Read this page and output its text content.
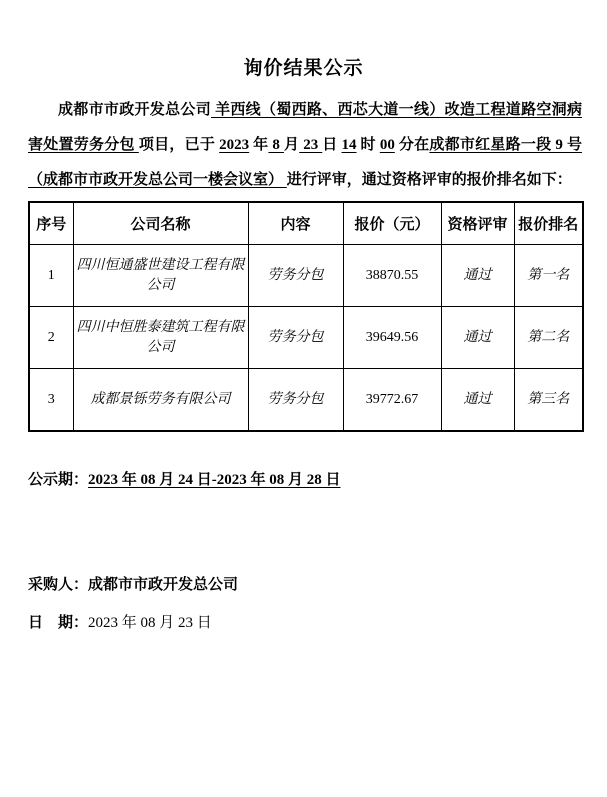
询价结果公示

成都市市政开发总公司 羊西线（蜀西路、西芯大道一线）改造工程道路空洞病害处置劳务分包 项目，已于 2023 年 8 月 23 日 14 时 00 分在成都市红星路一段 9 号（成都市市政开发总公司一楼会议室） 进行评审，通过资格评审的报价排名如下：

序号	公司名称	内容	报价（元）	资格评审	报价排名
1	四川恒通盛世建设工程有限公司	劳务分包	38870.55	通过	第一名
2	四川中恒胜泰建筑工程有限公司	劳务分包	39649.56	通过	第二名
3	成都景铄劳务有限公司	劳务分包	39772.67	通过	第三名

公示期：2023 年 08 月 24 日-2023 年 08 月 28 日

采购人：成都市市政开发总公司

日　期：2023 年 08 月 23 日
